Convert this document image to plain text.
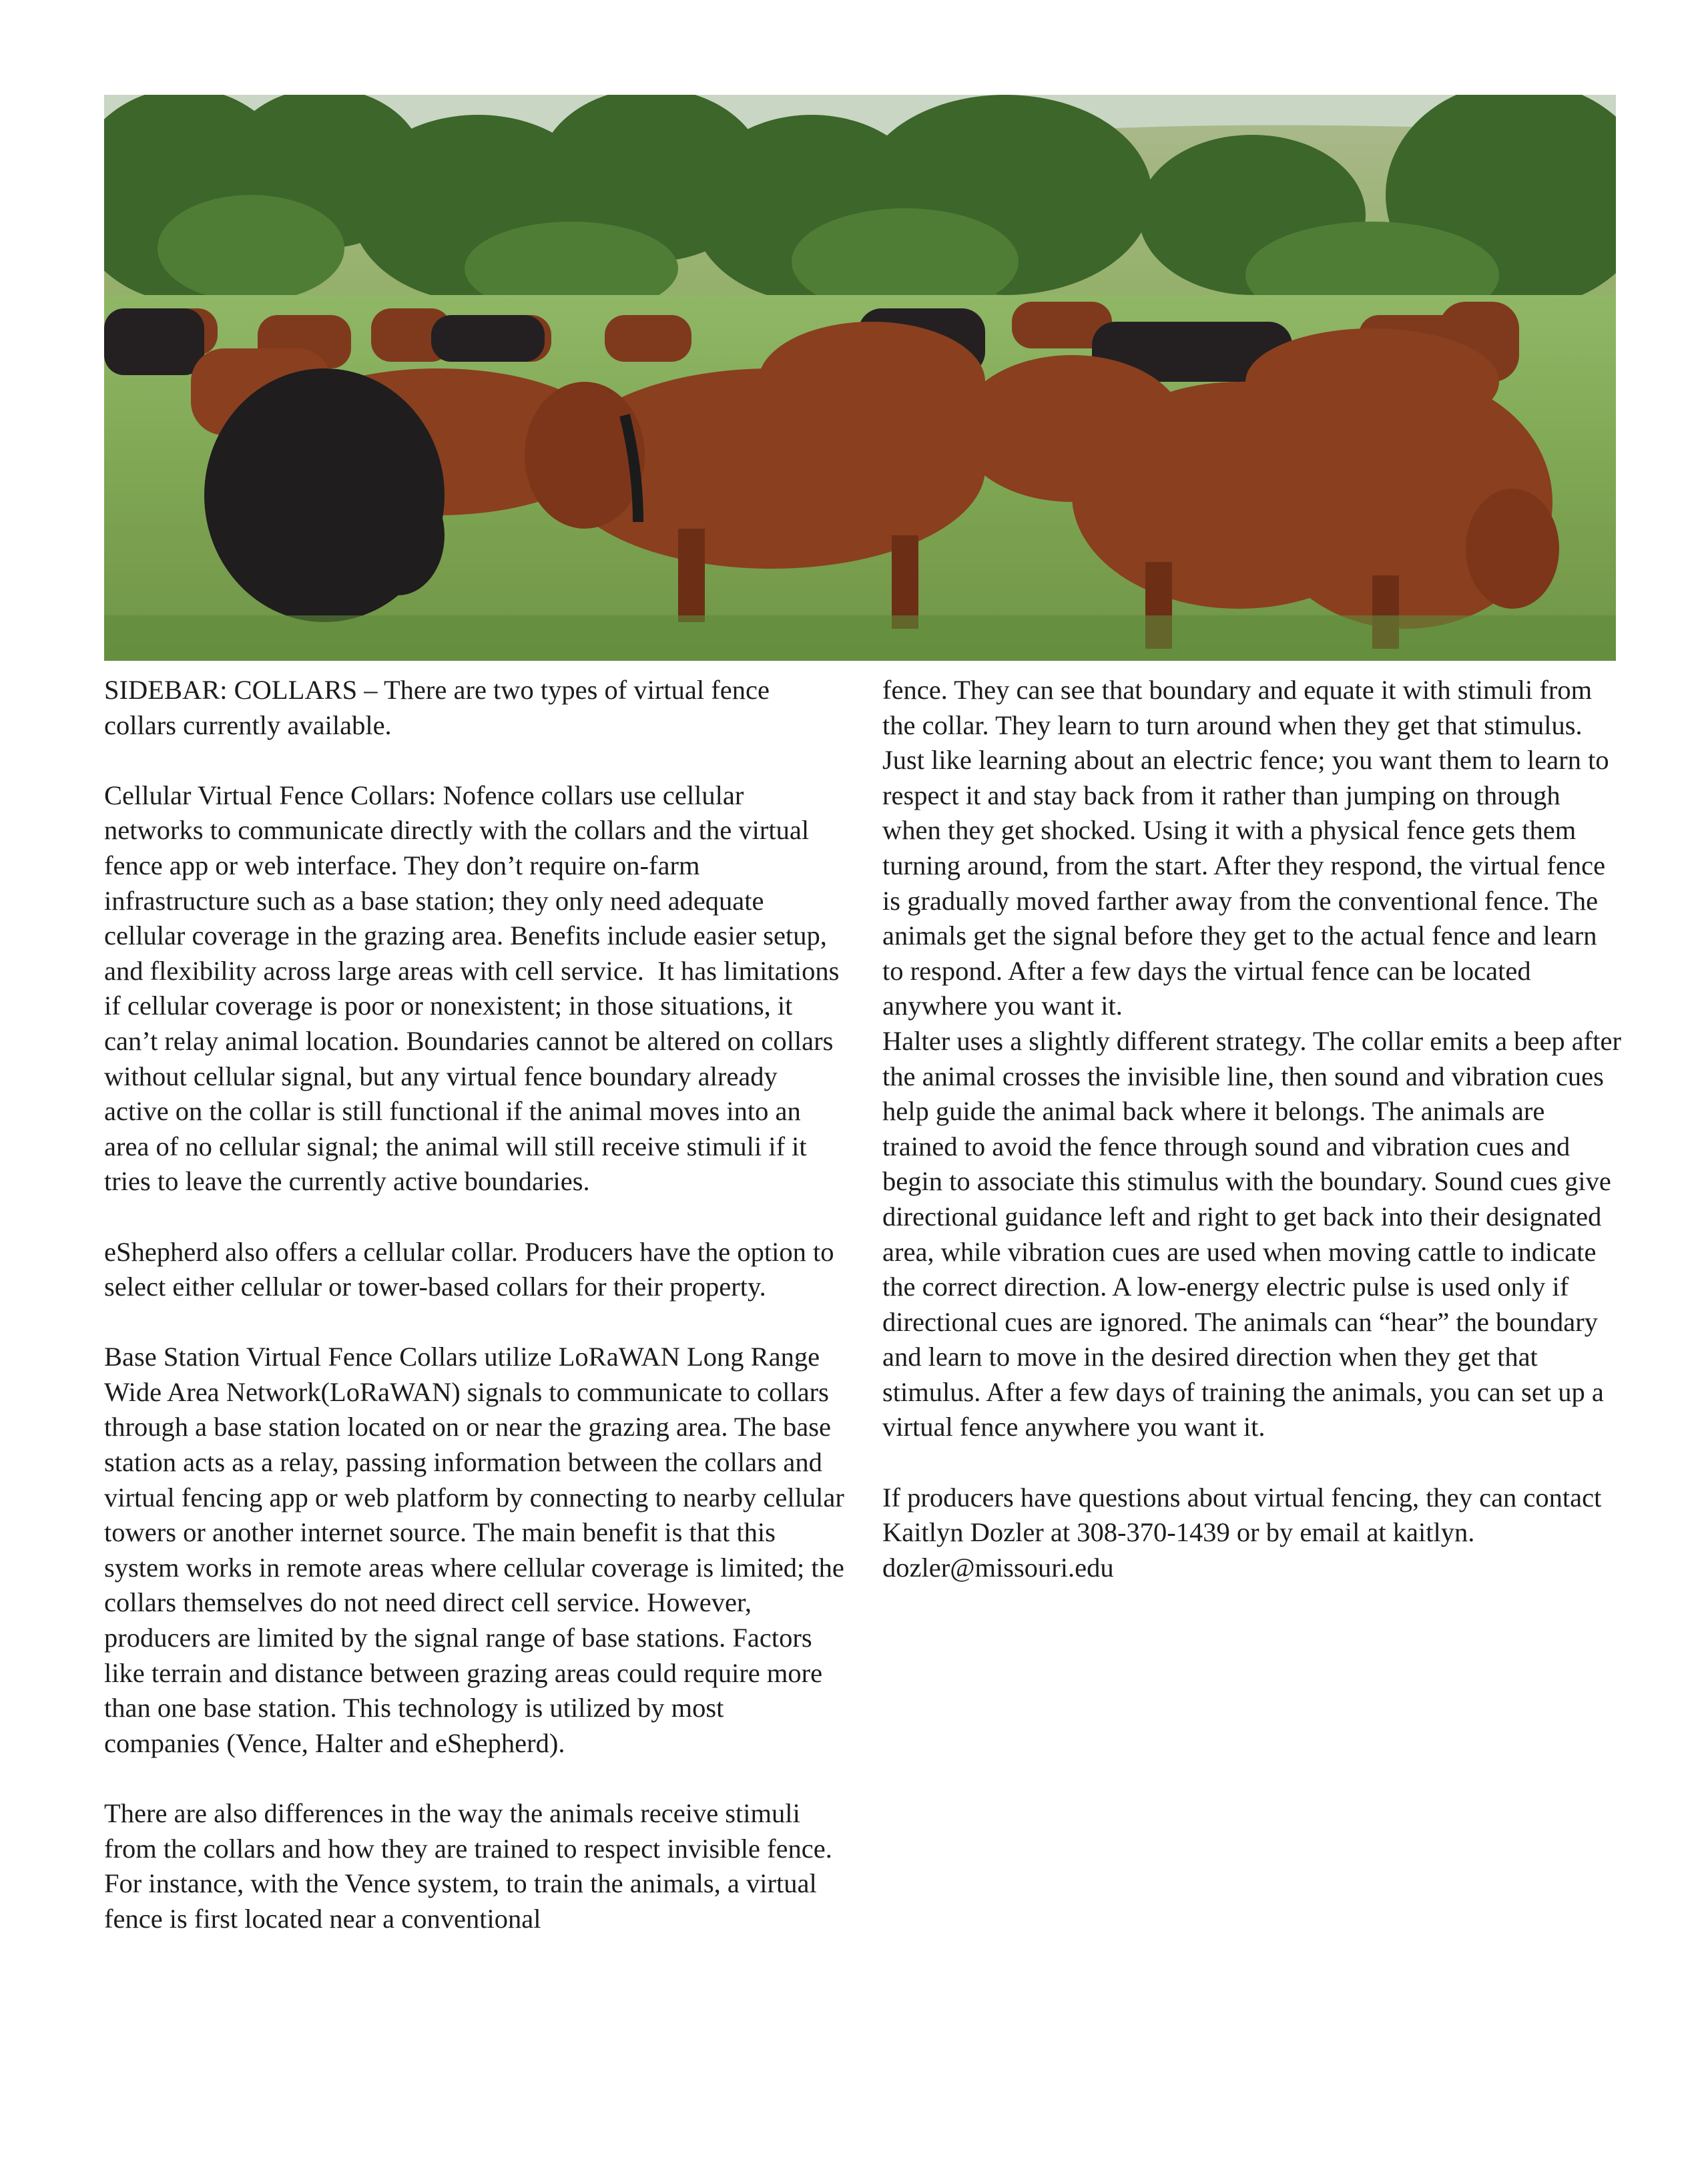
SIDEBAR: COLLARS – There are two types of virtual fence collars currently available.

Cellular Virtual Fence Collars: Nofence collars use cellular networks to communicate directly with the collars and the virtual fence app or web interface. They don’t require on-farm infrastructure such as a base station; they only need adequate cellular coverage in the grazing area. Benefits include easier setup, and flexibility across large areas with cell service.  It has limitations if cellular coverage is poor or nonexistent; in those situations, it can’t relay animal location. Boundaries cannot be altered on collars without cellular signal, but any virtual fence boundary already active on the collar is still functional if the animal moves into an area of no cellular signal; the animal will still receive stimuli if it tries to leave the currently active boundaries.

eShepherd also offers a cellular collar. Producers have the option to select either cellular or tower-based collars for their property.

Base Station Virtual Fence Collars utilize LoRaWAN Long Range Wide Area Network(LoRaWAN) signals to communicate to collars through a base station located on or near the grazing area. The base station acts as a relay, passing information between the collars and virtual fencing app or web platform by connecting to nearby cellular towers or another internet source. The main benefit is that this system works in remote areas where cellular coverage is limited; the collars themselves do not need direct cell service. However, producers are limited by the signal range of base stations. Factors like terrain and distance between grazing areas could require more than one base station. This technology is utilized by most companies (Vence, Halter and eShepherd).

There are also differences in the way the animals receive stimuli from the collars and how they are trained to respect invisible fence. For instance, with the Vence system, to train the animals, a virtual fence is first located near a conventional

fence. They can see that boundary and equate it with stimuli from the collar. They learn to turn around when they get that stimulus. Just like learning about an electric fence; you want them to learn to respect it and stay back from it rather than jumping on through when they get shocked. Using it with a physical fence gets them turning around, from the start. After they respond, the virtual fence is gradually moved farther away from the conventional fence. The animals get the signal before they get to the actual fence and learn to respond. After a few days the virtual fence can be located anywhere you want it.

Halter uses a slightly different strategy. The collar emits a beep after the animal crosses the invisible line, then sound and vibration cues help guide the animal back where it belongs. The animals are trained to avoid the fence through sound and vibration cues and begin to associate this stimulus with the boundary. Sound cues give directional guidance left and right to get back into their designated area, while vibration cues are used when moving cattle to indicate the correct direction. A low-energy electric pulse is used only if directional cues are ignored. The animals can “hear” the boundary and learn to move in the desired direction when they get that stimulus. After a few days of training the animals, you can set up a virtual fence anywhere you want it.

If producers have questions about virtual fencing, they can contact Kaitlyn Dozler at 308-370-1439 or by email at kaitlyn.
dozler@missouri.edu
